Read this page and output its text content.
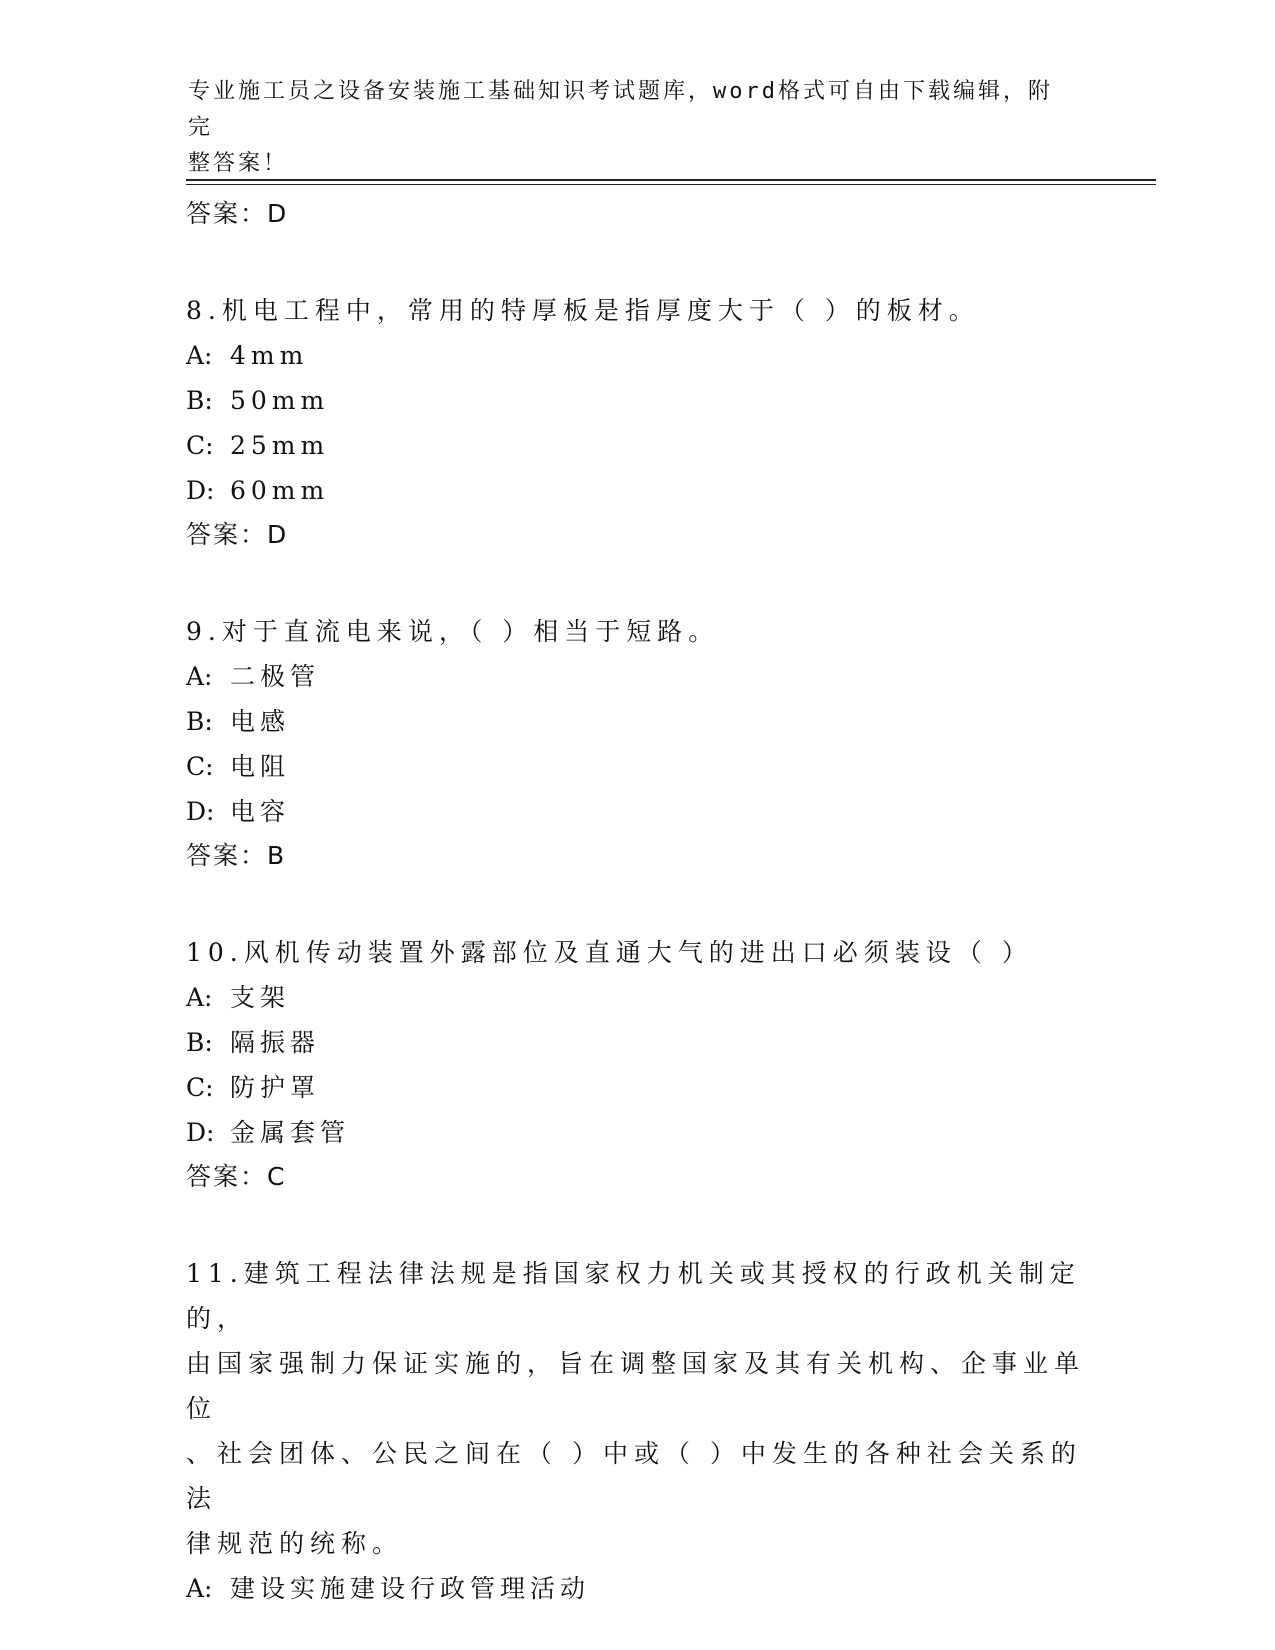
专业施工员之设备安装施工基础知识考试题库，word格式可自由下载编辑，附完
整答案！
答案：D
8.机电工程中，常用的特厚板是指厚度大于（ ）的板材。
A: 4mm
B: 50mm
C: 25mm
D: 60mm
答案：D
9.对于直流电来说，（ ）相当于短路。
A: 二极管
B: 电感
C: 电阻
D: 电容
答案：B
10.风机传动装置外露部位及直通大气的进出口必须装设（ ）
A: 支架
B: 隔振器
C: 防护罩
D: 金属套管
答案：C
11.建筑工程法律法规是指国家权力机关或其授权的行政机关制定的，
由国家强制力保证实施的，旨在调整国家及其有关机构、企事业单位
、社会团体、公民之间在（ ）中或（ ）中发生的各种社会关系的法
律规范的统称。
A: 建设实施建设行政管理活动
